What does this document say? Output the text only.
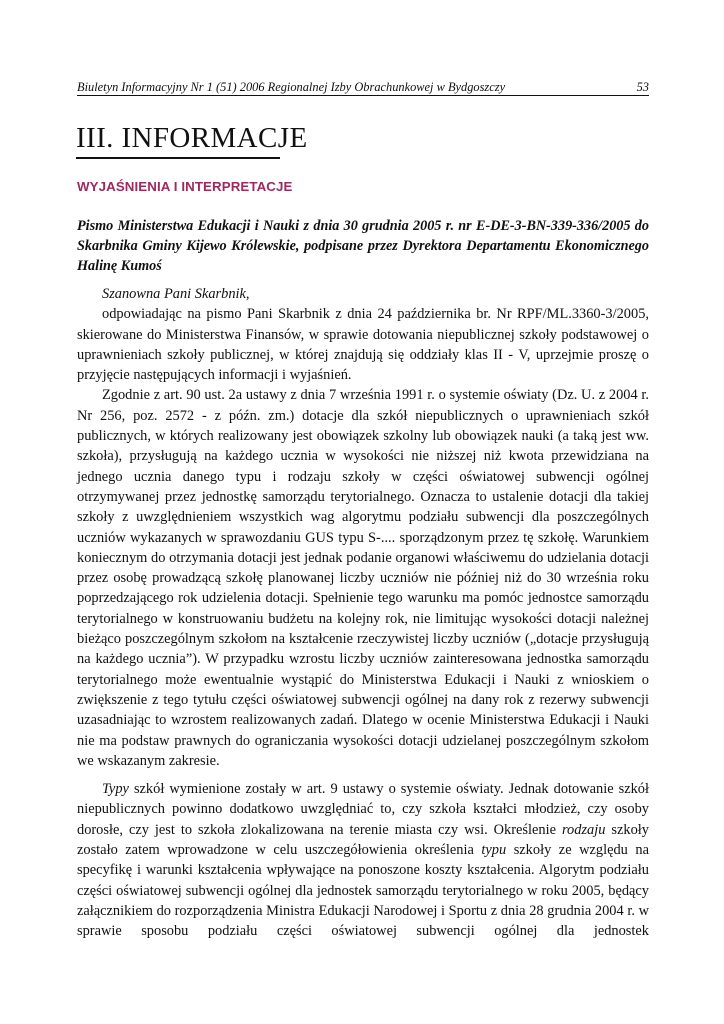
Biuletyn Informacyjny Nr 1 (51) 2006 Regionalnej Izby Obrachunkowej w Bydgoszczy	53
III. INFORMACJE
WYJAŚNIENIA I INTERPRETACJE
Pismo Ministerstwa Edukacji i Nauki z dnia 30 grudnia 2005 r. nr E-DE-3-BN-339-336/2005 do Skarbnika Gminy Kijewo Królewskie, podpisane przez Dyrektora Departamentu Ekonomicznego Halinę Kumoś

Szanowna Pani Skarbnik,

odpowiadając na pismo Pani Skarbnik z dnia 24 października br. Nr RPF/ML.3360-3/2005, skierowane do Ministerstwa Finansów, w sprawie dotowania niepublicznej szkoły podstawowej o uprawnieniach szkoły publicznej, w której znajdują się oddziały klas II - V, uprzejmie proszę o przyjęcie następujących informacji i wyjaśnień.

Zgodnie z art. 90 ust. 2a ustawy z dnia 7 września 1991 r. o systemie oświaty (Dz. U. z 2004 r. Nr 256, poz. 2572 - z późn. zm.) dotacje dla szkół niepublicznych o uprawnieniach szkół publicznych, w których realizowany jest obowiązek szkolny lub obowiązek nauki (a taką jest ww. szkoła), przysługują na każdego ucznia w wysokości nie niższej niż kwota przewidziana na jednego ucznia danego typu i rodzaju szkoły w części oświatowej subwencji ogólnej otrzymywanej przez jednostkę samorządu terytorialnego. Oznacza to ustalenie dotacji dla takiej szkoły z uwzględnieniem wszystkich wag algorytmu podziału subwencji dla poszczególnych uczniów wykazanych w sprawozdaniu GUS typu S-.... sporządzonym przez tę szkołę. Warunkiem koniecznym do otrzymania dotacji jest jednak podanie organowi właściwemu do udzielania dotacji przez osobę prowadzącą szkołę planowanej liczby uczniów nie później niż do 30 września roku poprzedzającego rok udzielenia dotacji. Spełnienie tego warunku ma pomóc jednostce samorządu terytorialnego w konstruowaniu budżetu na kolejny rok, nie limitując wysokości dotacji należnej bieżąco poszczególnym szkołom na kształcenie rzeczywistej liczby uczniów („dotacje przysługują na każdego ucznia”). W przypadku wzrostu liczby uczniów zainteresowana jednostka samorządu terytorialnego może ewentualnie wystąpić do Ministerstwa Edukacji i Nauki z wnioskiem o zwiększenie z tego tytułu części oświatowej subwencji ogólnej na dany rok z rezerwy subwencji uzasadniając to wzrostem realizowanych zadań. Dlatego w ocenie Ministerstwa Edukacji i Nauki nie ma podstaw prawnych do ograniczania wysokości dotacji udzielanej poszczególnym szkołom we wskazanym zakresie.

Typy szkół wymienione zostały w art. 9 ustawy o systemie oświaty. Jednak dotowanie szkół niepublicznych powinno dodatkowo uwzględniać to, czy szkoła kształci młodzież, czy osoby dorosłe, czy jest to szkoła zlokalizowana na terenie miasta czy wsi. Określenie rodzaju szkoły zostało zatem wprowadzone w celu uszczegółowienia określenia typu szkoły ze względu na specyfikę i warunki kształcenia wpływające na ponoszone koszty kształcenia. Algorytm podziału części oświatowej subwencji ogólnej dla jednostek samorządu terytorialnego w roku 2005, będący załącznikiem do rozporządzenia Ministra Edukacji Narodowej i Sportu z dnia 28 grudnia 2004 r. w sprawie sposobu podziału części oświatowej subwencji ogólnej dla jednostek
